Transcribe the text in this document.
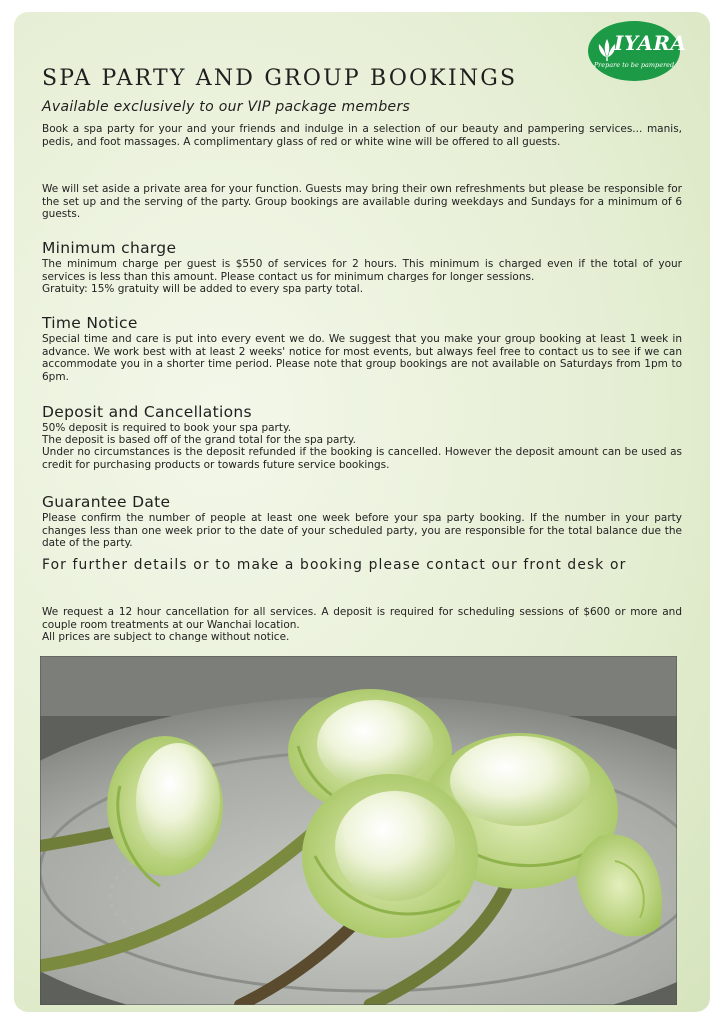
IYARA
Prepare to be pampered
SPA PARTY AND GROUP BOOKINGS
Available exclusively to our VIP package members
Book a spa party for your and your friends and indulge in a selection of our beauty and pampering services... manis, pedis, and foot massages. A complimentary glass of red or white wine will be offered to all guests.
We will set aside a private area for your function. Guests may bring their own refreshments but please be responsible for the set up and the serving of the party. Group bookings are available during weekdays and Sundays for a minimum of 6 guests.
Minimum charge
The minimum charge per guest is $550 of services for 2 hours. This minimum is charged even if the total of your services is less than this amount. Please contact us for minimum charges for longer sessions.
Gratuity: 15% gratuity will be added to every spa party total.
Time Notice
Special time and care is put into every event we do. We suggest that you make your group booking at least 1 week in advance. We work best with at least 2 weeks' notice for most events, but always feel free to contact us to see if we can accommodate you in a shorter time period. Please note that group bookings are not available on Saturdays from 1pm to 6pm.
Deposit and Cancellations
50% deposit is required to book your spa party.
The deposit is based off of the grand total for the spa party.
Under no circumstances is the deposit refunded if the booking is cancelled. However the deposit amount can be used as credit for purchasing products or towards future service bookings.
Guarantee Date
Please confirm the number of people at least one week before your spa party booking. If the number in your party changes less than one week prior to the date of your scheduled party, you are responsible for the total balance due the date of the party.
For further details or to make a booking please contact our front desk or
We request a 12 hour cancellation for all services. A deposit is required for scheduling sessions of $600 or more and couple room treatments at our Wanchai location.
All prices are subject to change without notice.
